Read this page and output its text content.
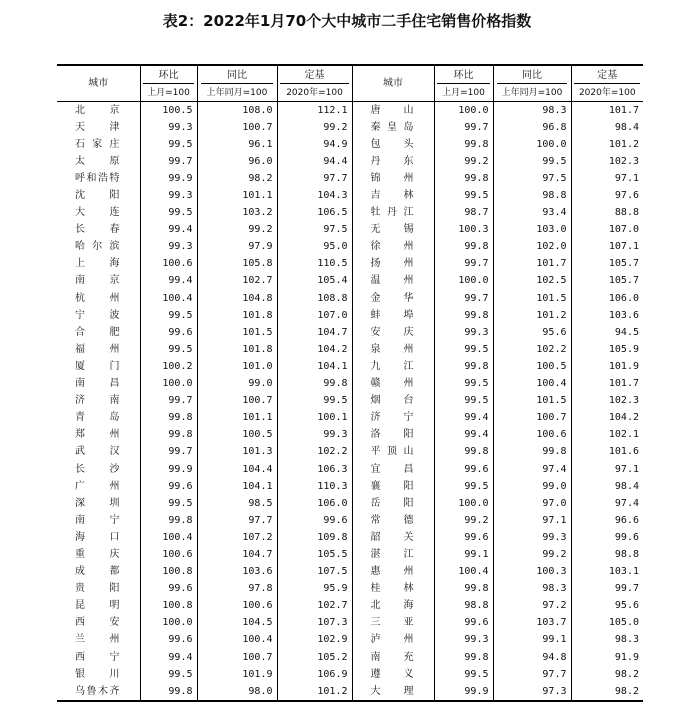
表2：2022年1月70个大中城市二手住宅销售价格指数
城市	环比	同比	定基	城市	环比	同比	定基
	上月=100	上年同月=100	2020年=100		上月=100	上年同月=100	2020年=100
北　京	100.5	108.0	112.1	唐　山	100.0	98.3	101.7
天　津	99.3	100.7	99.2	秦皇岛	99.7	96.8	98.4
石家庄	99.5	96.1	94.9	包　头	99.8	100.0	101.2
太　原	99.7	96.0	94.4	丹　东	99.2	99.5	102.3
呼和浩特	99.9	98.2	97.7	锦　州	99.8	97.5	97.1
沈　阳	99.3	101.1	104.3	吉　林	99.5	98.8	97.6
大　连	99.5	103.2	106.5	牡丹江	98.7	93.4	88.8
长　春	99.4	99.2	97.5	无　锡	100.3	103.0	107.0
哈尔滨	99.3	97.9	95.0	徐　州	99.8	102.0	107.1
上　海	100.6	105.8	110.5	扬　州	99.7	101.7	105.7
南　京	99.4	102.7	105.4	温　州	100.0	102.5	105.7
杭　州	100.4	104.8	108.8	金　华	99.7	101.5	106.0
宁　波	99.5	101.8	107.0	蚌　埠	99.8	101.2	103.6
合　肥	99.6	101.5	104.7	安　庆	99.3	95.6	94.5
福　州	99.5	101.8	104.2	泉　州	99.5	102.2	105.9
厦　门	100.2	101.0	104.1	九　江	99.8	100.5	101.9
南　昌	100.0	99.0	99.8	赣　州	99.5	100.4	101.7
济　南	99.7	100.7	99.5	烟　台	99.5	101.5	102.3
青　岛	99.8	101.1	100.1	济　宁	99.4	100.7	104.2
郑　州	99.8	100.5	99.3	洛　阳	99.4	100.6	102.1
武　汉	99.7	101.3	102.2	平顶山	99.8	99.8	101.6
长　沙	99.9	104.4	106.3	宜　昌	99.6	97.4	97.1
广　州	99.6	104.1	110.3	襄　阳	99.5	99.0	98.4
深　圳	99.5	98.5	106.0	岳　阳	100.0	97.0	97.4
南　宁	99.8	97.7	99.6	常　德	99.2	97.1	96.6
海　口	100.4	107.2	109.8	韶　关	99.6	99.3	99.6
重　庆	100.6	104.7	105.5	湛　江	99.1	99.2	98.8
成　都	100.8	103.6	107.5	惠　州	100.4	100.3	103.1
贵　阳	99.6	97.8	95.9	桂　林	99.8	98.3	99.7
昆　明	100.8	100.6	102.7	北　海	98.8	97.2	95.6
西　安	100.0	104.5	107.3	三　亚	99.6	103.7	105.0
兰　州	99.6	100.4	102.9	泸　州	99.3	99.1	98.3
西　宁	99.4	100.7	105.2	南　充	99.8	94.8	91.9
银　川	99.5	101.9	106.9	遵　义	99.5	97.7	98.2
乌鲁木齐	99.8	98.0	101.2	大　理	99.9	97.3	98.2
